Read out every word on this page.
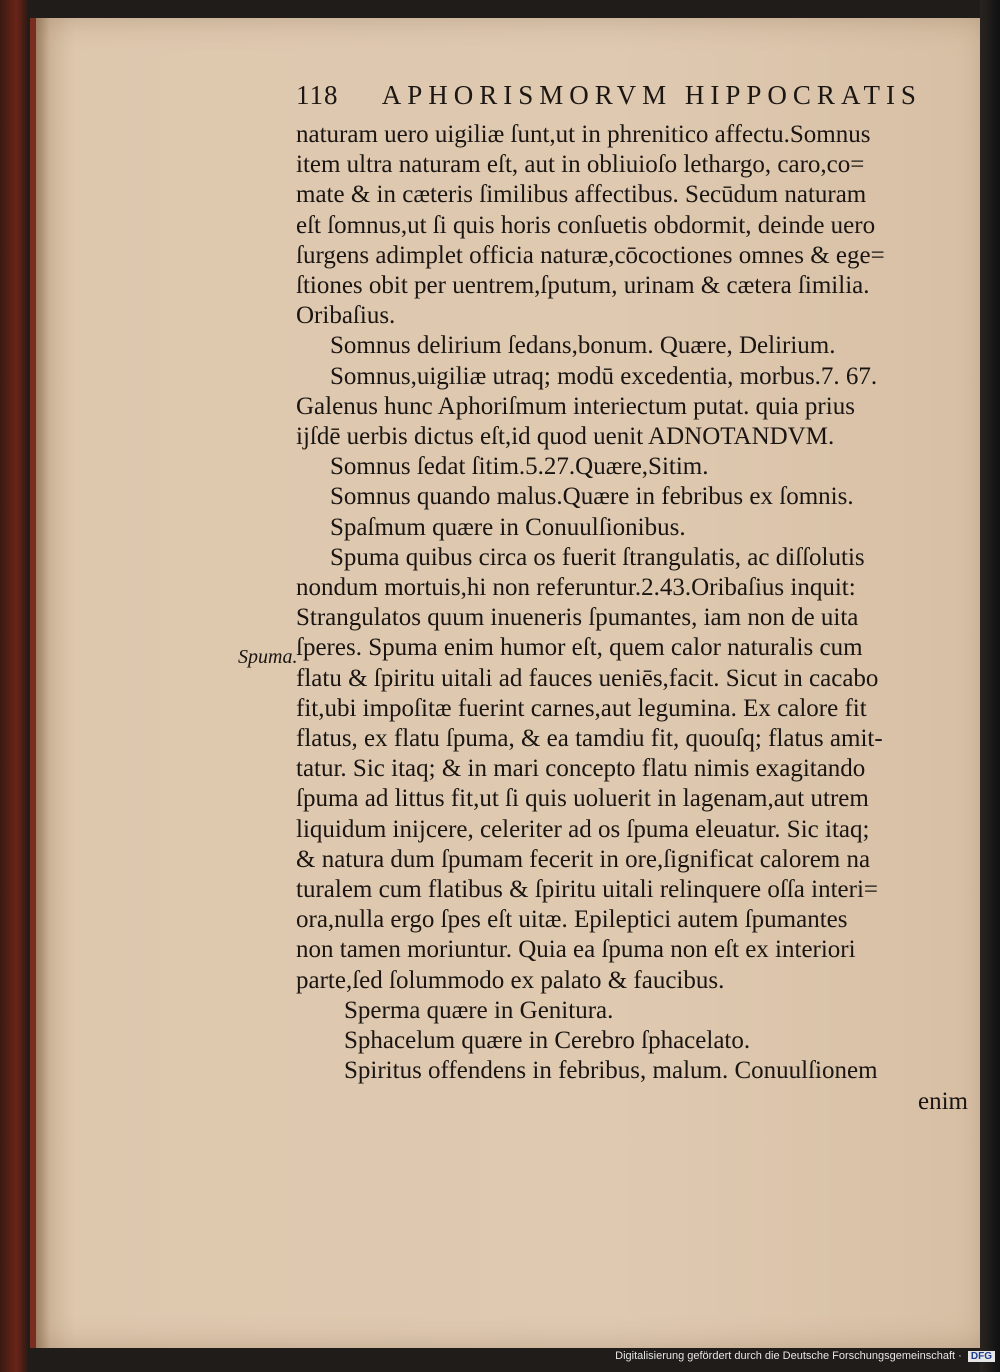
118 APHORISMORVM HIPPOCRATIS
Spuma.
naturam uero uigiliæ ſunt,ut in phrenitico affectu.Somnus
item ultra naturam eſt, aut in obliuioſo lethargo, caro,co=
mate & in cæteris ſimilibus affectibus. Secūdum naturam
eſt ſomnus,ut ſi quis horis conſuetis obdormit, deinde uero
ſurgens adimplet officia naturæ,cōcoctiones omnes & ege=
ſtiones obit per uentrem,ſputum, urinam & cætera ſimilia.
Oribaſius.
Somnus delirium ſedans,bonum. Quære, Delirium.
Somnus,uigiliæ utraq; modū excedentia, morbus.7. 67.
Galenus hunc Aphoriſmum interiectum putat. quia prius
ijſdē uerbis dictus eſt,id quod uenit ADNOTANDVM.
Somnus ſedat ſitim.5.27.Quære,Sitim.
Somnus quando malus.Quære in febribus ex ſomnis.
Spaſmum quære in Conuulſionibus.
Spuma quibus circa os fuerit ſtrangulatis, ac diſſolutis
nondum mortuis,hi non referuntur.2.43.Oribaſius inquit:
Strangulatos quum inueneris ſpumantes, iam non de uita
ſperes. Spuma enim humor eſt, quem calor naturalis cum
flatu & ſpiritu uitali ad fauces ueniēs,facit. Sicut in cacabo
fit,ubi impoſitæ fuerint carnes,aut legumina. Ex calore fit
flatus, ex flatu ſpuma, & ea tamdiu fit, quouſq; flatus amit-
tatur. Sic itaq; & in mari concepto flatu nimis exagitando
ſpuma ad littus fit,ut ſi quis uoluerit in lagenam,aut utrem
liquidum inijcere, celeriter ad os ſpuma eleuatur. Sic itaq;
& natura dum ſpumam fecerit in ore,ſignificat calorem na
turalem cum flatibus & ſpiritu uitali relinquere oſſa interi=
ora,nulla ergo ſpes eſt uitæ. Epileptici autem ſpumantes
non tamen moriuntur. Quia ea ſpuma non eſt ex interiori
parte,ſed ſolummodo ex palato & faucibus.
Sperma quære in Genitura.
Sphacelum quære in Cerebro ſphacelato.
Spiritus offendens in febribus, malum. Conuulſionem
enim
Digitalisierung gefördert durch die Deutsche Forschungsgemeinschaft · DFG
